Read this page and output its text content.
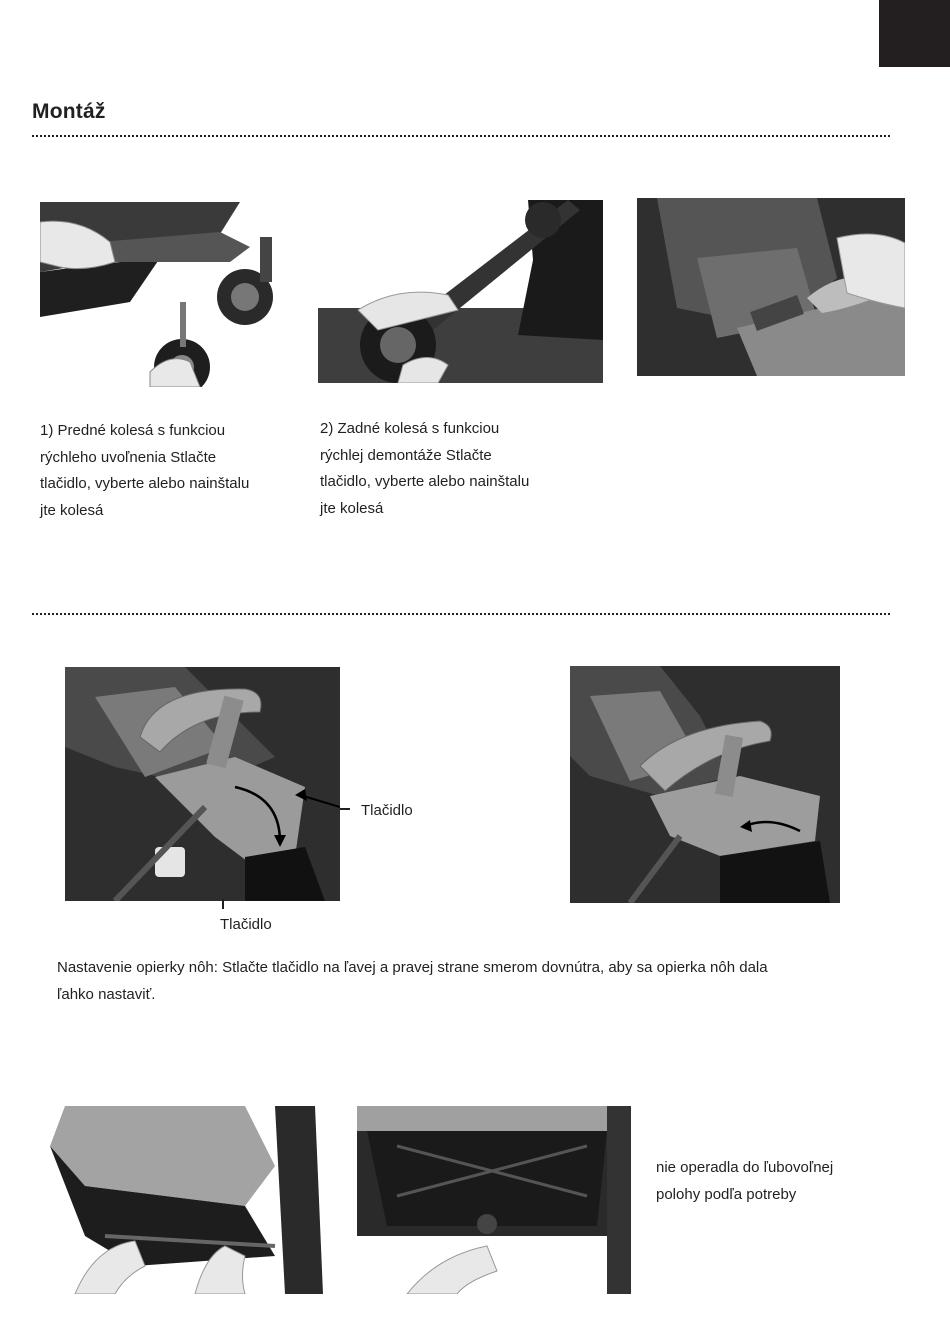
Montáž

1) Predné kolesá s funkciou
rýchleho uvoľnenia Stlačte
tlačidlo, vyberte alebo nainštalu
jte kolesá

2) Zadné kolesá s funkciou
rýchlej demontáže Stlačte
tlačidlo, vyberte alebo nainštalu
jte kolesá

Tlačidlo
Tlačidlo

Nastavenie opierky nôh: Stlačte tlačidlo na ľavej a pravej strane smerom dovnútra, aby sa opierka nôh dala
ľahko nastaviť.

nie operadla do ľubovoľnej
polohy podľa potreby
